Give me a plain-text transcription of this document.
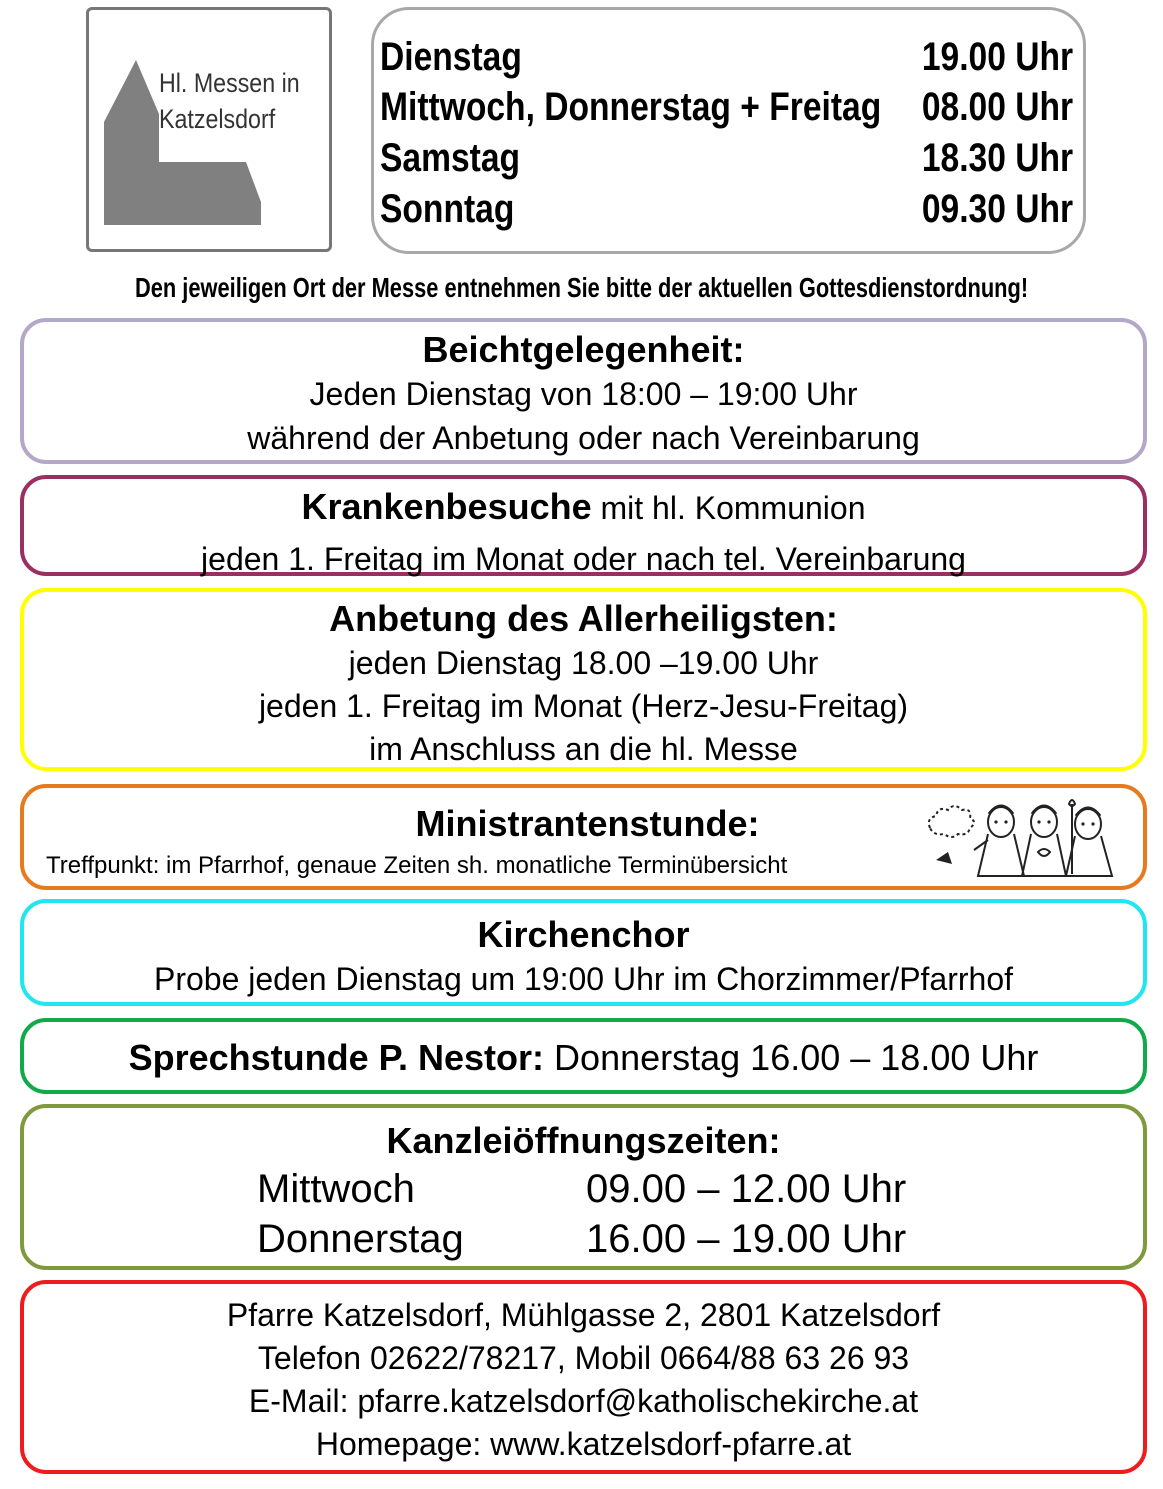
Hl. Messen in
Katzelsdorf
Dienstag	19.00 Uhr
Mittwoch, Donnerstag + Freitag 08.00 Uhr
Samstag	18.30 Uhr
Sonntag	09.30 Uhr
Den jeweiligen Ort der Messe entnehmen Sie bitte der aktuellen Gottesdienstordnung!
Beichtgelegenheit:
Jeden Dienstag von 18:00 – 19:00 Uhr
während der Anbetung oder nach Vereinbarung
Krankenbesuche mit hl. Kommunion
jeden 1. Freitag im Monat oder nach tel. Vereinbarung
Anbetung des Allerheiligsten:
jeden Dienstag 18.00 –19.00 Uhr
jeden 1. Freitag im Monat (Herz-Jesu-Freitag)
im Anschluss an die hl. Messe
Ministrantenstunde:
Treffpunkt: im Pfarrhof, genaue Zeiten sh. monatliche Terminübersicht
Kirchenchor
Probe jeden Dienstag um 19:00 Uhr im Chorzimmer/Pfarrhof
Sprechstunde P. Nestor: Donnerstag 16.00 – 18.00 Uhr
Kanzleiöffnungszeiten:
Mittwoch	09.00 – 12.00 Uhr
Donnerstag	16.00 – 19.00 Uhr
Pfarre Katzelsdorf, Mühlgasse 2, 2801 Katzelsdorf
Telefon 02622/78217, Mobil 0664/88 63 26 93
E-Mail: pfarre.katzelsdorf@katholischekirche.at
Homepage: www.katzelsdorf-pfarre.at
